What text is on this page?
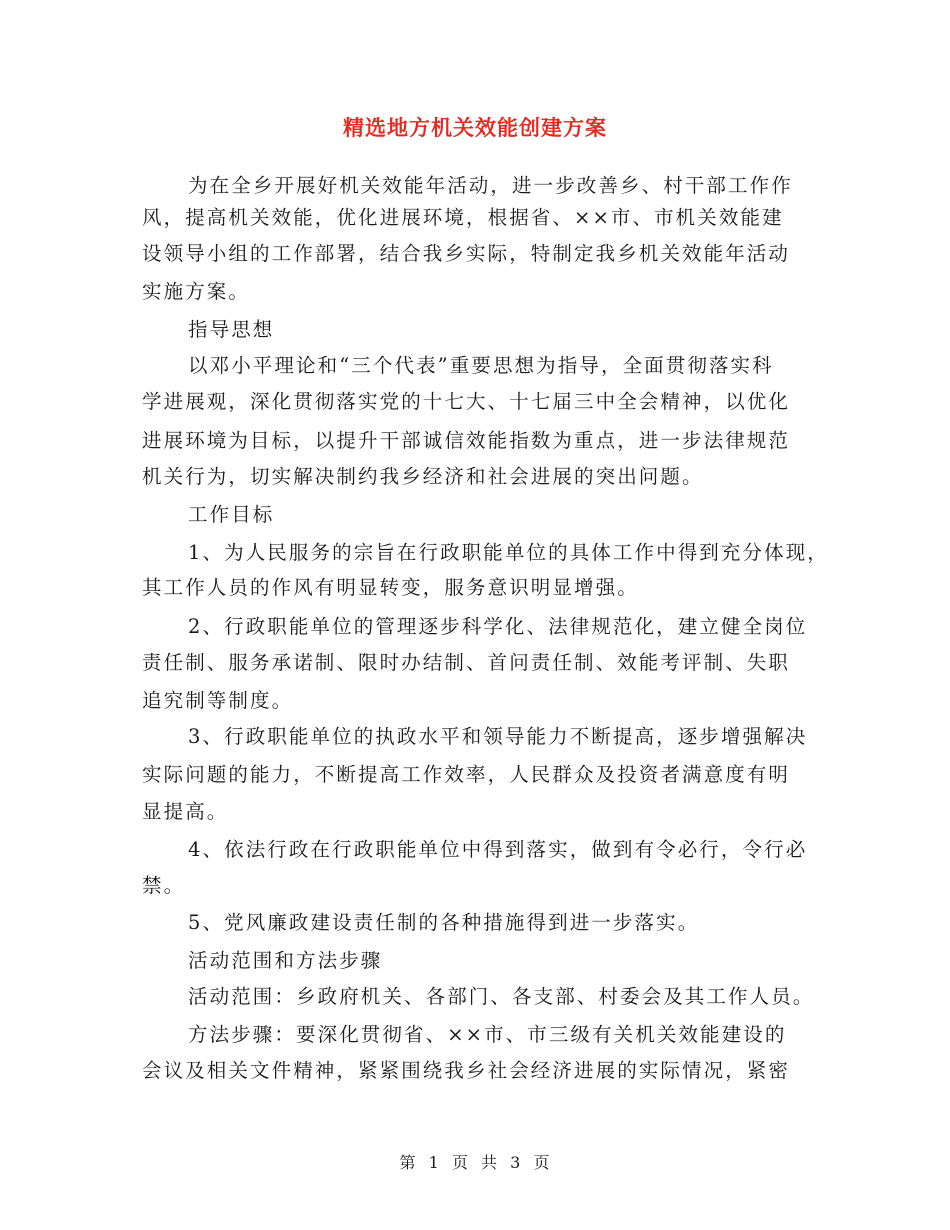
精选地方机关效能创建方案
为在全乡开展好机关效能年活动，进一步改善乡、村干部工作作
风，提高机关效能，优化进展环境，根据省、××市、市机关效能建
设领导小组的工作部署，结合我乡实际，特制定我乡机关效能年活动
实施方案。
指导思想
以邓小平理论和“三个代表”重要思想为指导，全面贯彻落实科
学进展观，深化贯彻落实党的十七大、十七届三中全会精神，以优化
进展环境为目标，以提升干部诚信效能指数为重点，进一步法律规范
机关行为，切实解决制约我乡经济和社会进展的突出问题。
工作目标
1、为人民服务的宗旨在行政职能单位的具体工作中得到充分体现，
其工作人员的作风有明显转变，服务意识明显增强。
2、行政职能单位的管理逐步科学化、法律规范化，建立健全岗位
责任制、服务承诺制、限时办结制、首问责任制、效能考评制、失职
追究制等制度。
3、行政职能单位的执政水平和领导能力不断提高，逐步增强解决
实际问题的能力，不断提高工作效率，人民群众及投资者满意度有明
显提高。
4、依法行政在行政职能单位中得到落实，做到有令必行，令行必
禁。
5、党风廉政建设责任制的各种措施得到进一步落实。
活动范围和方法步骤
活动范围：乡政府机关、各部门、各支部、村委会及其工作人员。
方法步骤：要深化贯彻省、××市、市三级有关机关效能建设的
会议及相关文件精神，紧紧围绕我乡社会经济进展的实际情况，紧密
第 1 页 共 3 页
